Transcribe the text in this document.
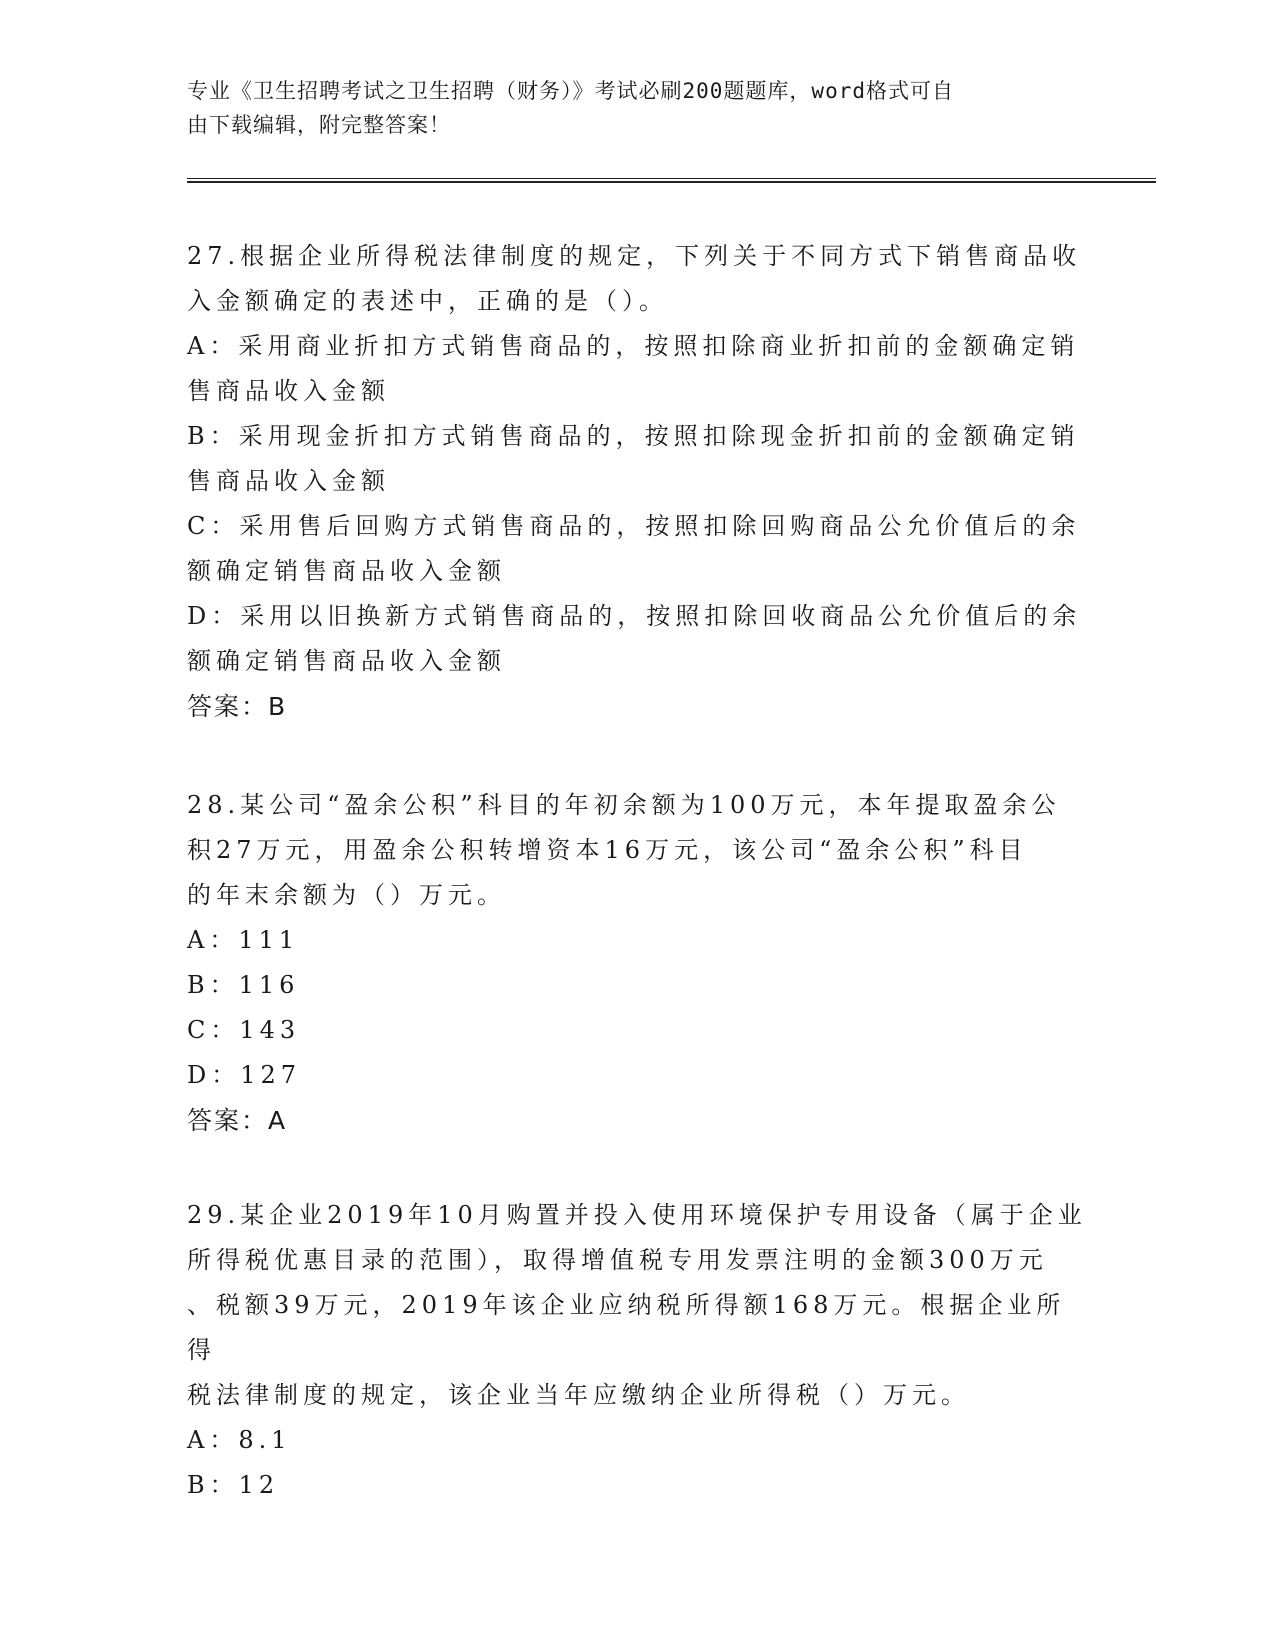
专业《卫生招聘考试之卫生招聘（财务）》考试必刷200题题库，word格式可自
由下载编辑，附完整答案！

27.根据企业所得税法律制度的规定，下列关于不同方式下销售商品收

入金额确定的表述中，正确的是（）。

A：采用商业折扣方式销售商品的，按照扣除商业折扣前的金额确定销

售商品收入金额

B：采用现金折扣方式销售商品的，按照扣除现金折扣前的金额确定销

售商品收入金额

C：采用售后回购方式销售商品的，按照扣除回购商品公允价值后的余

额确定销售商品收入金额

D：采用以旧换新方式销售商品的，按照扣除回收商品公允价值后的余

额确定销售商品收入金额

答案：B

28.某公司“盈余公积”科目的年初余额为100万元，本年提取盈余公

积27万元，用盈余公积转增资本16万元，该公司“盈余公积”科目

的年末余额为（）万元。

A：111

B：116

C：143

D：127

答案：A

29.某企业2019年10月购置并投入使用环境保护专用设备（属于企业

所得税优惠目录的范围），取得增值税专用发票注明的金额300万元

、税额39万元，2019年该企业应纳税所得额168万元。根据企业所得

税法律制度的规定，该企业当年应缴纳企业所得税（）万元。

A：8.1

B：12
